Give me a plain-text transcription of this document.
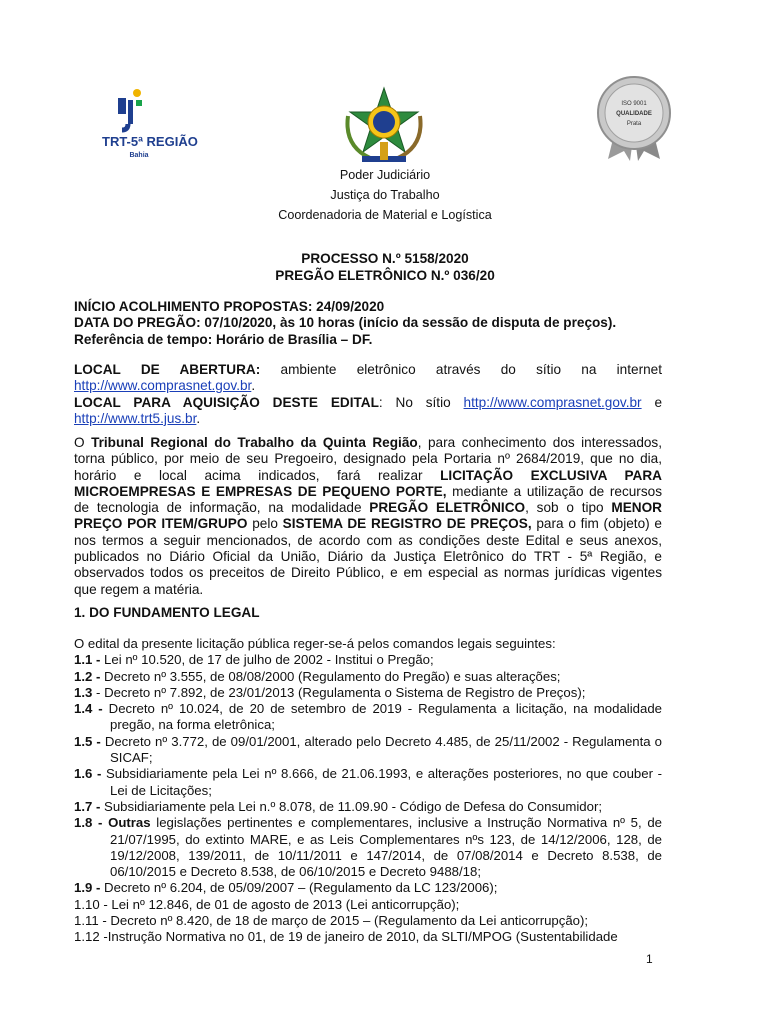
TRT-5ª REGIÃO
Bahia
ISO 9001
QUALIDADE
Prata
Poder Judiciário
Justiça do Trabalho
Coordenadoria de Material e Logística
PROCESSO N.º 5158/2020
PREGÃO ELETRÔNICO N.º 036/20
INÍCIO ACOLHIMENTO PROPOSTAS: 24/09/2020
DATA DO PREGÃO: 07/10/2020, às 10 horas (início da sessão de disputa de preços).
Referência de tempo: Horário de Brasília – DF.
LOCAL DE ABERTURA: ambiente eletrônico através do sítio na internet
http://www.comprasnet.gov.br.
LOCAL PARA AQUISIÇÃO DESTE EDITAL: No sítio http://www.comprasnet.gov.br e
http://www.trt5.jus.br.
O Tribunal Regional do Trabalho da Quinta Região, para conhecimento dos interessados, torna público, por meio de seu Pregoeiro, designado pela Portaria nº 2684/2019, que no dia, horário e local acima indicados, fará realizar LICITAÇÃO EXCLUSIVA PARA MICROEMPRESAS E EMPRESAS DE PEQUENO PORTE, mediante a utilização de recursos de tecnologia de informação, na modalidade PREGÃO ELETRÔNICO, sob o tipo MENOR PREÇO POR ITEM/GRUPO pelo SISTEMA DE REGISTRO DE PREÇOS, para o fim (objeto) e nos termos a seguir mencionados, de acordo com as condições deste Edital e seus anexos, publicados no Diário Oficial da União, Diário da Justiça Eletrônico do TRT - 5ª Região, e observados todos os preceitos de Direito Público, e em especial as normas jurídicas vigentes que regem a matéria.
1. DO FUNDAMENTO LEGAL
O edital da presente licitação pública reger-se-á pelos comandos legais seguintes:
1.1 - Lei nº 10.520, de 17 de julho de 2002 - Institui o Pregão;
1.2 - Decreto nº 3.555, de 08/08/2000 (Regulamento do Pregão) e suas alterações;
1.3 - Decreto nº 7.892, de 23/01/2013 (Regulamenta o Sistema de Registro de Preços);
1.4 - Decreto nº 10.024, de 20 de setembro de 2019 - Regulamenta a licitação, na modalidade pregão, na forma eletrônica;
1.5 - Decreto nº 3.772, de 09/01/2001, alterado pelo Decreto 4.485, de 25/11/2002 - Regulamenta o SICAF;
1.6 - Subsidiariamente pela Lei nº 8.666, de 21.06.1993, e alterações posteriores, no que couber - Lei de Licitações;
1.7 - Subsidiariamente pela Lei n.º 8.078, de 11.09.90 - Código de Defesa do Consumidor;
1.8 - Outras legislações pertinentes e complementares, inclusive a Instrução Normativa nº 5, de 21/07/1995, do extinto MARE, e as Leis Complementares nºs 123, de 14/12/2006, 128, de 19/12/2008, 139/2011, de 10/11/2011 e 147/2014, de 07/08/2014 e Decreto 8.538, de 06/10/2015 e Decreto 8.538, de 06/10/2015 e Decreto 9488/18;
1.9 - Decreto nº 6.204, de 05/09/2007 – (Regulamento da LC 123/2006);
1.10 - Lei nº 12.846, de 01 de agosto de 2013 (Lei anticorrupção);
1.11 - Decreto nº 8.420, de 18 de março de 2015 – (Regulamento da Lei anticorrupção);
1.12 -Instrução Normativa no 01, de 19 de janeiro de 2010, da SLTI/MPOG (Sustentabilidade
1
